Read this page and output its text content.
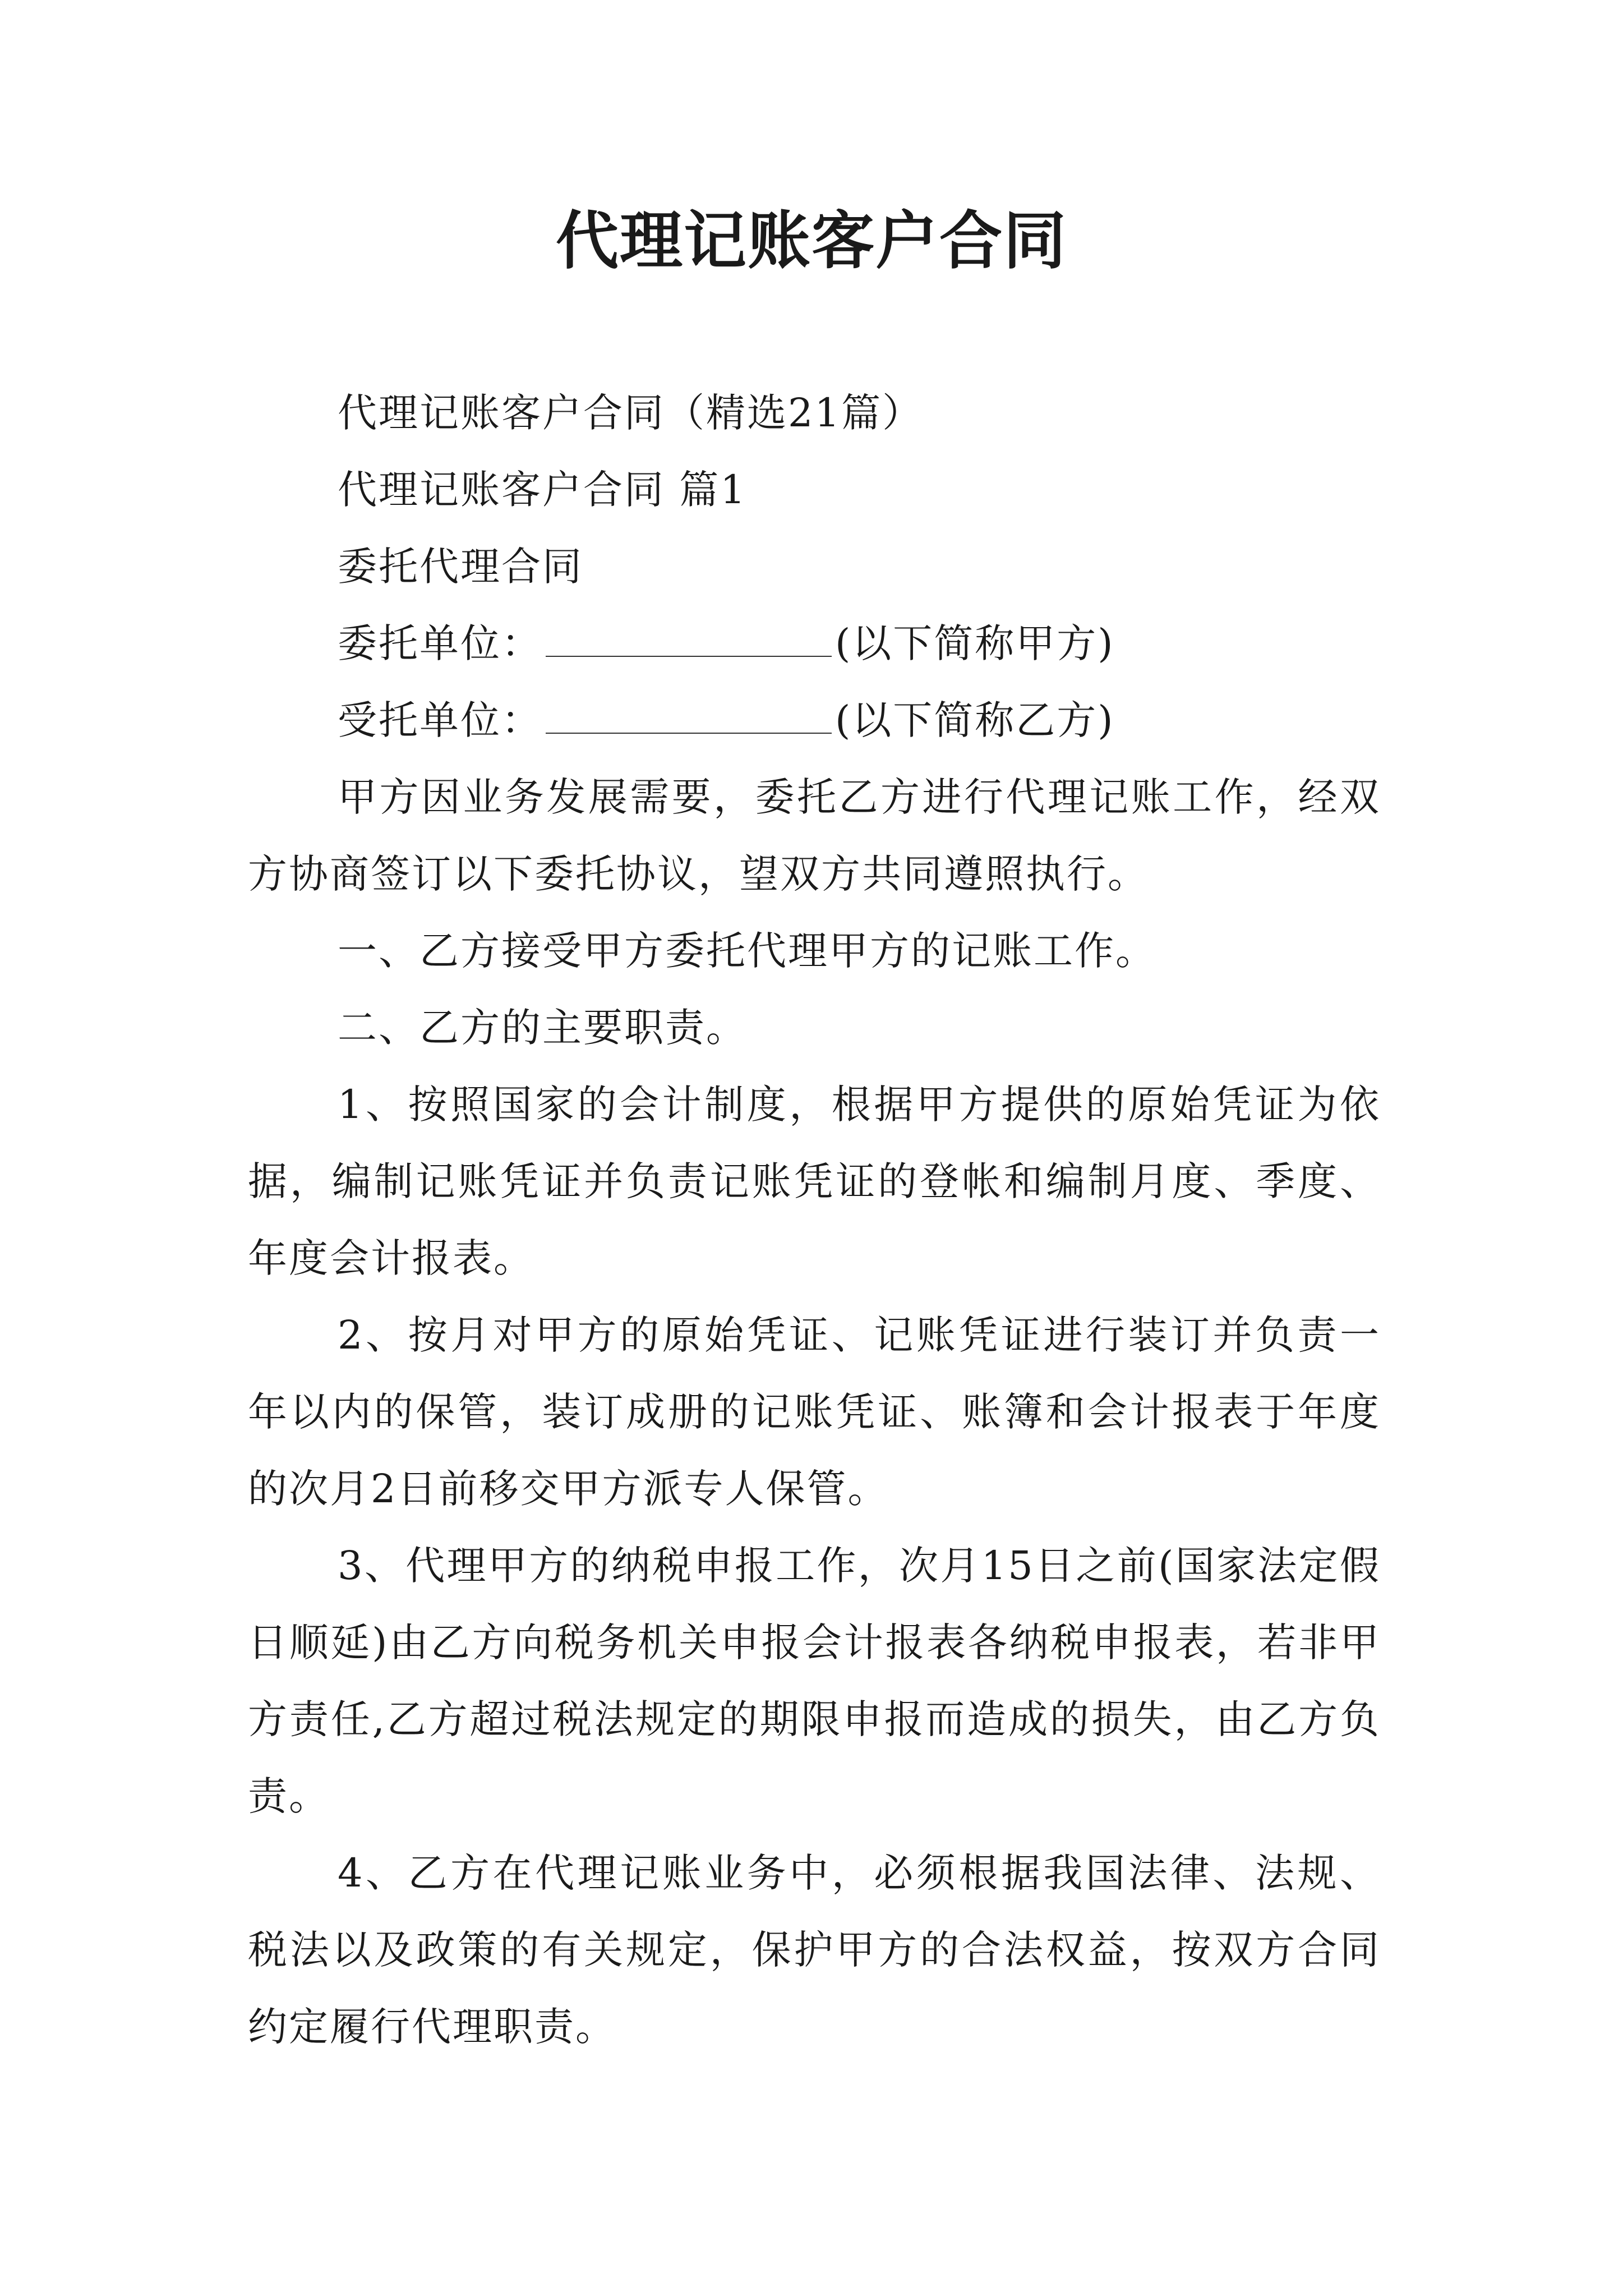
代理记账客户合同

代理记账客户合同（精选21篇）

代理记账客户合同 篇1

委托代理合同

委托单位：	(以下简称甲方)

受托单位：	(以下简称乙方)

甲方因业务发展需要，委托乙方进行代理记账工作，经双方协商签订以下委托协议，望双方共同遵照执行。

一、乙方接受甲方委托代理甲方的记账工作。

二、乙方的主要职责。

1、按照国家的会计制度，根据甲方提供的原始凭证为依据，编制记账凭证并负责记账凭证的登帐和编制月度、季度、年度会计报表。

2、按月对甲方的原始凭证、记账凭证进行装订并负责一年以内的保管，装订成册的记账凭证、账簿和会计报表于年度的次月2日前移交甲方派专人保管。

3、代理甲方的纳税申报工作，次月15日之前(国家法定假日顺延)由乙方向税务机关申报会计报表各纳税申报表，若非甲方责任,乙方超过税法规定的期限申报而造成的损失，由乙方负责。

4、乙方在代理记账业务中，必须根据我国法律、法规、税法以及政策的有关规定，保护甲方的合法权益，按双方合同约定履行代理职责。
